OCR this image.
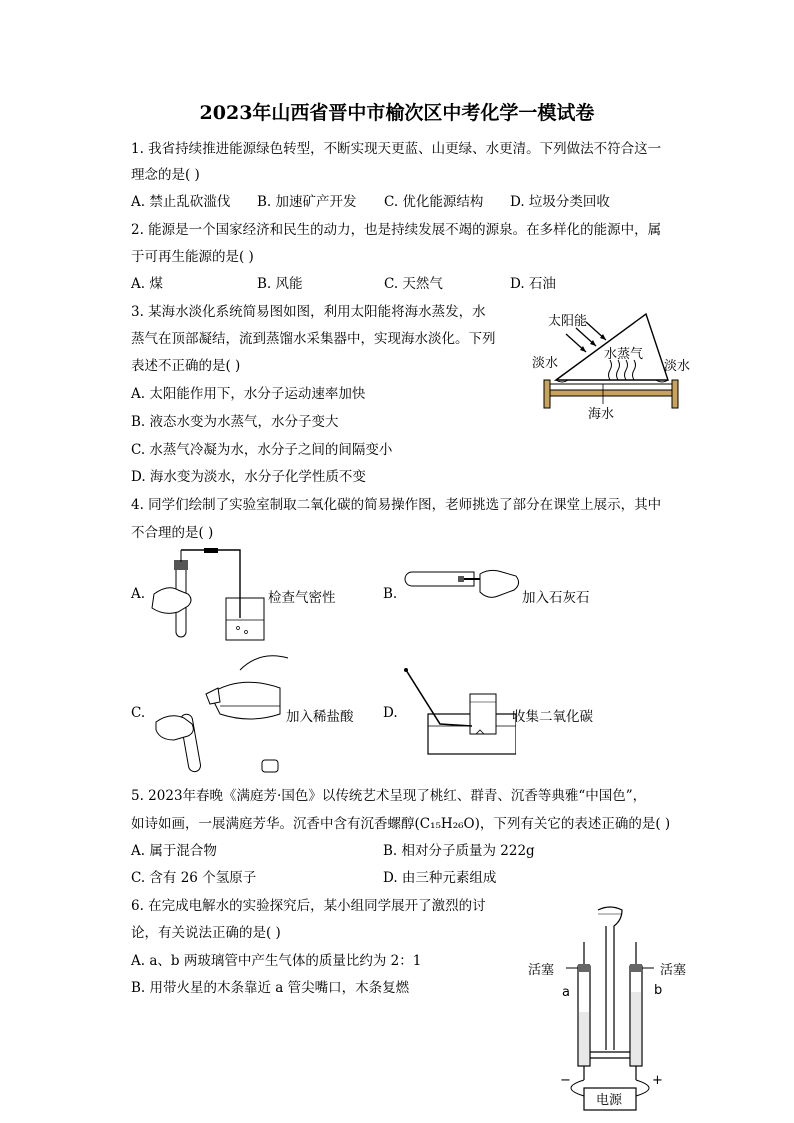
2023年山西省晋中市榆次区中考化学一模试卷
1. 我省持续推进能源绿色转型，不断实现天更蓝、山更绿、水更清。下列做法不符合这一
理念的是( )
A. 禁止乱砍滥伐 B. 加速矿产开发 C. 优化能源结构 D. 垃圾分类回收
2. 能源是一个国家经济和民生的动力，也是持续发展不竭的源泉。在多样化的能源中，属
于可再生能源的是( )
A. 煤	B. 风能	C. 天然气	D. 石油
3. 某海水淡化系统简易图如图，利用太阳能将海水蒸发，水
蒸气在顶部凝结，流到蒸馏水采集器中，实现海水淡化。下列
表述不正确的是( )
A. 太阳能作用下，水分子运动速率加快
B. 液态水变为水蒸气，水分子变大
C. 水蒸气冷凝为水，水分子之间的间隔变小
D. 海水变为淡水，水分子化学性质不变
太阳能
水蒸气
淡水	淡水
海水
4. 同学们绘制了实验室制取二氧化碳的简易操作图，老师挑选了部分在课堂上展示，其中
不合理的是( )
A.	检查气密性	B.	加入石灰石
C.	加入稀盐酸 D.	收集二氧化碳
5. 2023年春晚《满庭芳·国色》以传统艺术呈现了桃红、群青、沉香等典雅“中国色”，
如诗如画，一展满庭芳华。沉香中含有沉香螺醇(C₁₅H₂₆O)，下列有关它的表述正确的是( )
A. 属于混合物	B. 相对分子质量为 222g
C. 含有 26 个氢原子	D. 由三种元素组成
6. 在完成电解水的实验探究后，某小组同学展开了激烈的讨
论，有关说法正确的是( )
A. a、b 两玻璃管中产生气体的质量比约为 2：1
B. 用带火星的木条靠近 a 管尖嘴口，木条复燃
活塞	活塞
a	b
−	+
电源
